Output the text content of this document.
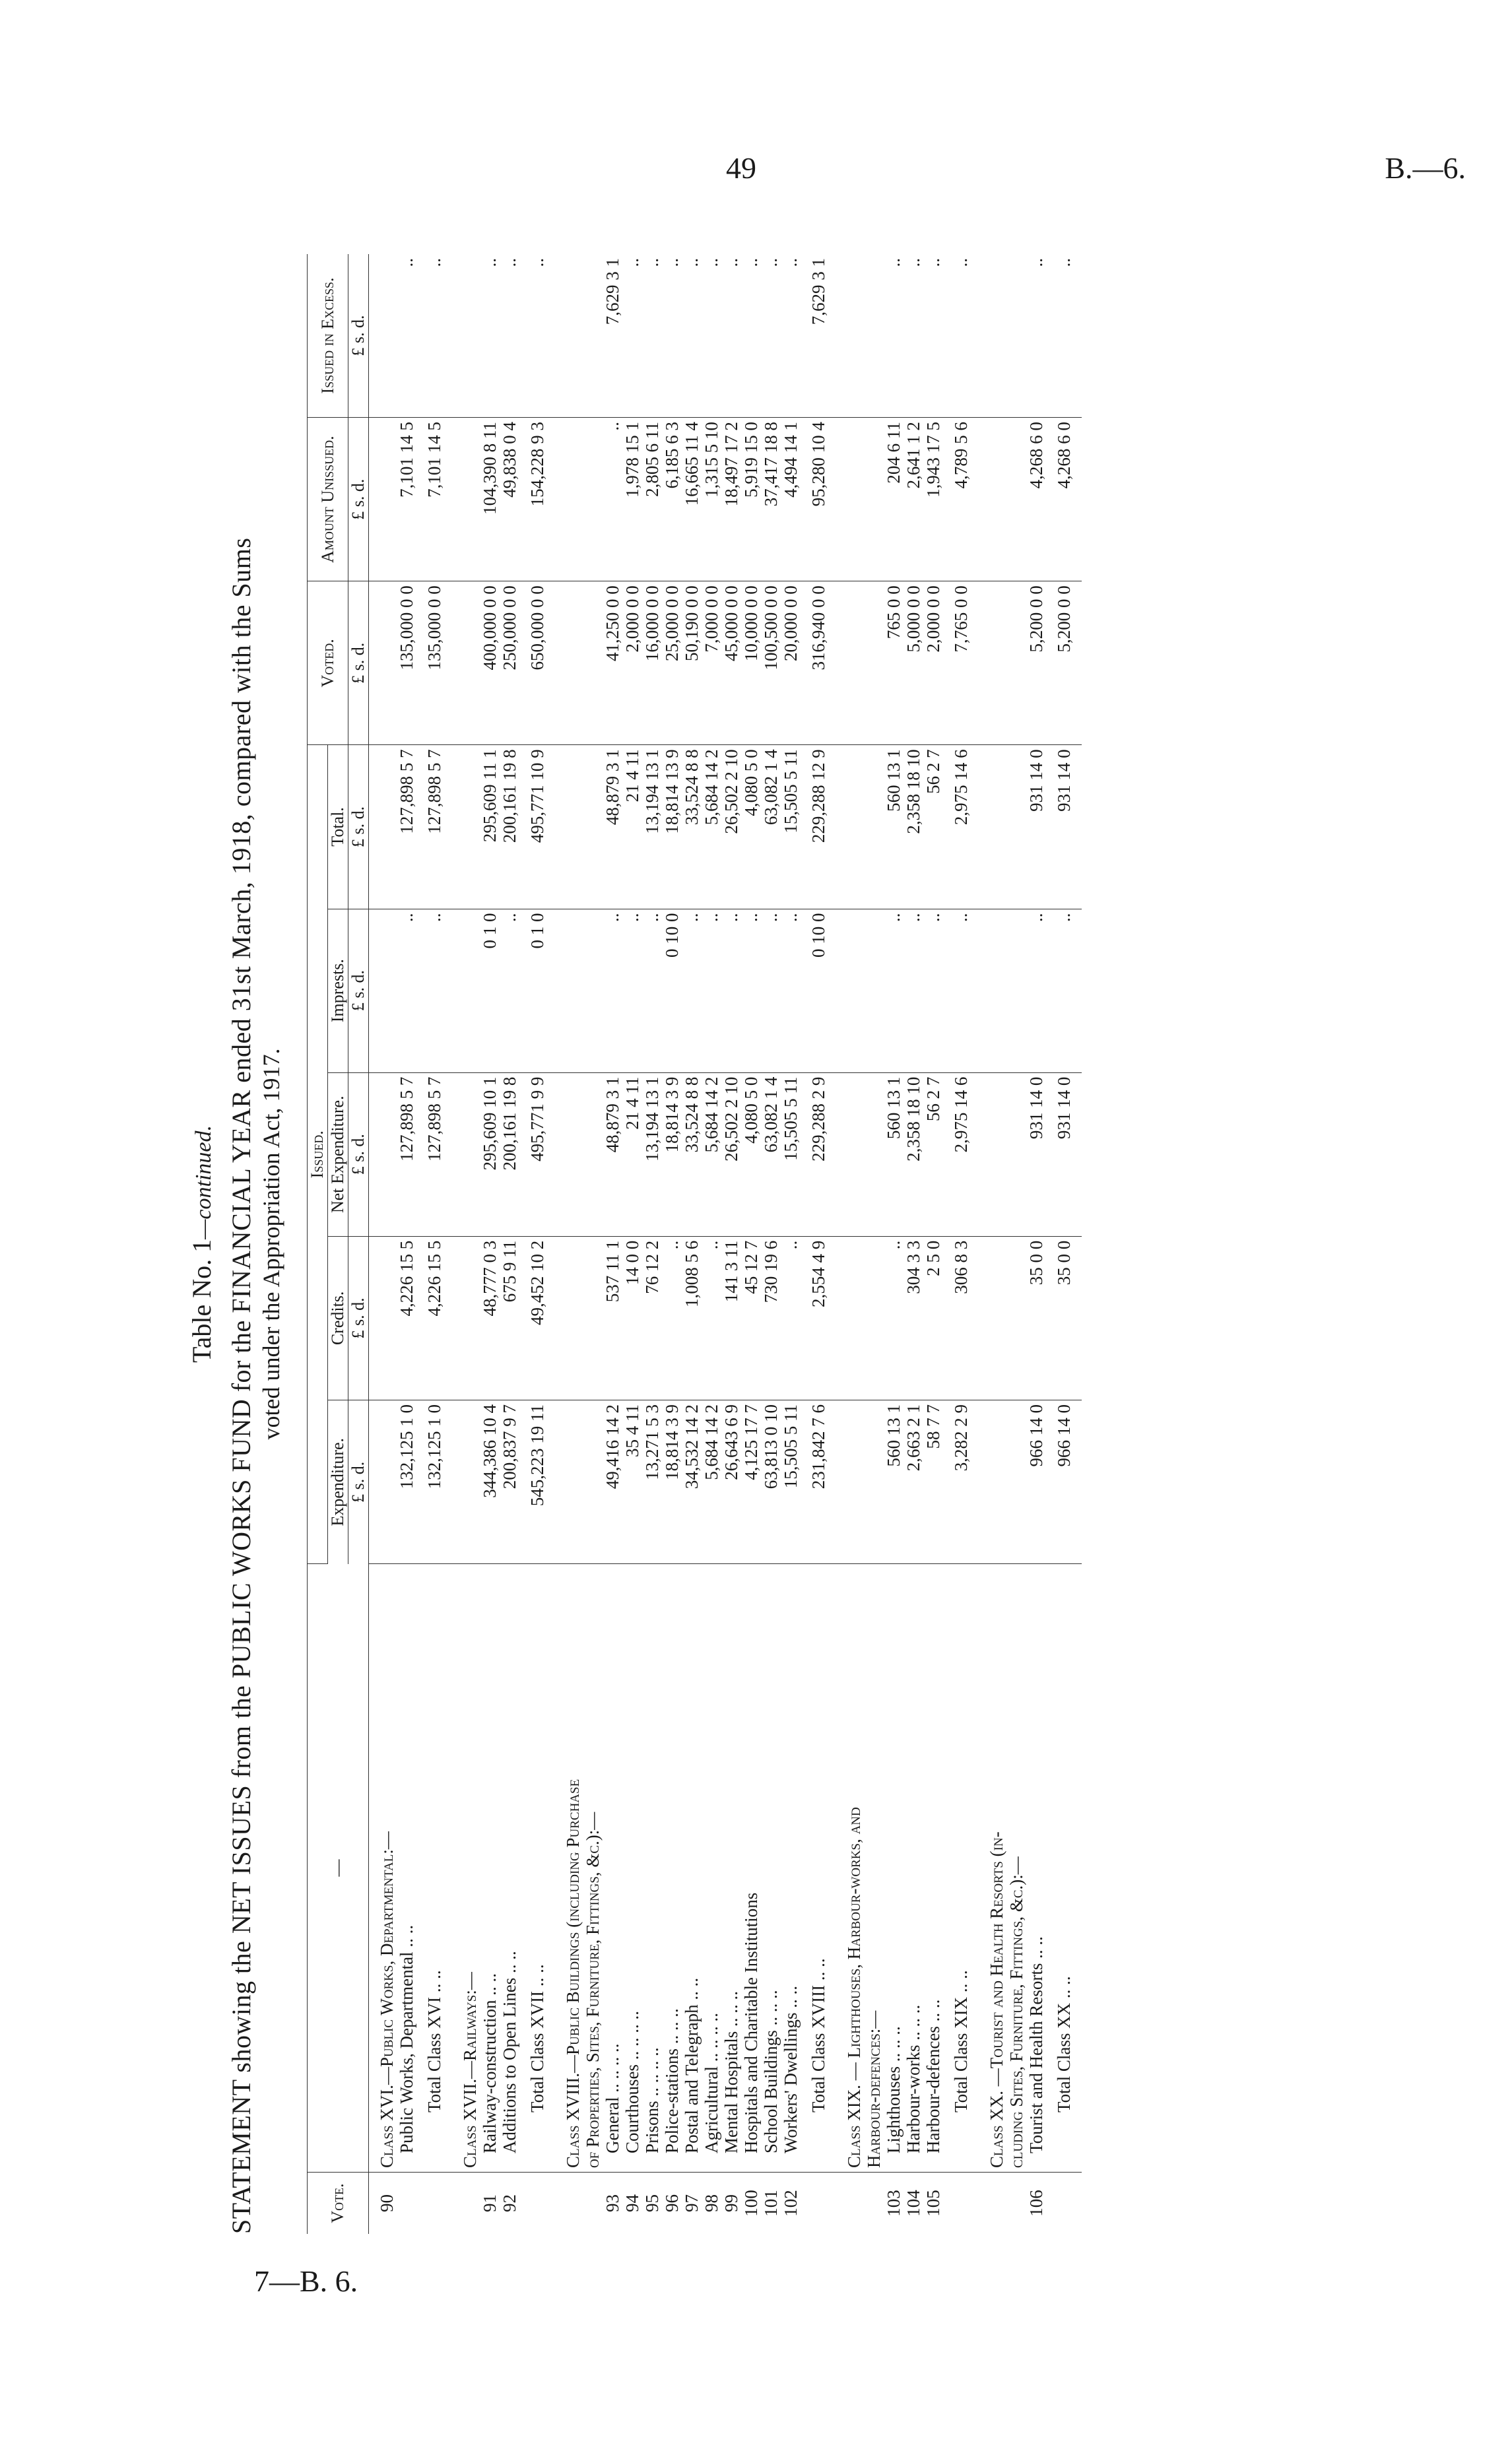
49	B.—6.
7—B. 6.
Table No. 1—continued. STATEMENT showing the NET ISSUES from the PUBLIC WORKS FUND for the FINANCIAL YEAR ended 31st March, 1918, compared with the Sums voted under the Appropriation Act, 1917.
Vote.	—	Issued.					Voted.	Amount Unissued.	Issued in Excess.
		Expenditure.	Credits.	Net Expenditure.	Imprests.	Total.			
		£ s. d.	£ s. d.	£ s. d.	£ s. d.	£ s. d.	£ s. d.	£ s. d.	£ s. d.
90	Class XVI.—Public Works, Departmental:—								
	Public Works, Departmental .. ..	132,125 1 0	4,226 15 5	127,898 5 7	..	127,898 5 7	135,000 0 0	7,101 14 5	..
	Total Class XVI .. ..	132,125 1 0	4,226 15 5	127,898 5 7	..	127,898 5 7	135,000 0 0	7,101 14 5	..
	Class XVII.—Railways:—								
91	Railway-construction .. ..	344,386 10 4	48,777 0 3	295,609 10 1	0 1 0	295,609 11 1	400,000 0 0	104,390 8 11	..
92	Additions to Open Lines .. ..	200,837 9 7	675 9 11	200,161 19 8	..	200,161 19 8	250,000 0 0	49,838 0 4	..
	Total Class XVII .. ..	545,223 19 11	49,452 10 2	495,771 9 9	0 1 0	495,771 10 9	650,000 0 0	154,228 9 3	..
	Class XVIII.—Public Buildings (including Purchase								
	of Properties, Sites, Furniture, Fittings, &c.):—								
93	General .. .. .. ..	49,416 14 2	537 11 1	48,879 3 1	..	48,879 3 1	41,250 0 0	..	7,629 3 1
94	Courthouses .. .. .. ..	35 4 11	14 0 0	21 4 11	..	21 4 11	2,000 0 0	1,978 15 1	..
95	Prisons .. .. .. ..	13,271 5 3	76 12 2	13,194 13 1	..	13,194 13 1	16,000 0 0	2,805 6 11	..
96	Police-stations .. .. ..	18,814 3 9	..	18,814 3 9	0 10 0	18,814 13 9	25,000 0 0	6,185 6 3	..
97	Postal and Telegraph .. ..	34,532 14 2	1,008 5 6	33,524 8 8	..	33,524 8 8	50,190 0 0	16,665 11 4	..
98	Agricultural .. .. .. ..	5,684 14 2	..	5,684 14 2	..	5,684 14 2	7,000 0 0	1,315 5 10	..
99	Mental Hospitals .. .. ..	26,643 6 9	141 3 11	26,502 2 10	..	26,502 2 10	45,000 0 0	18,497 17 2	..
100	Hospitals and Charitable Institutions	4,125 17 7	45 12 7	4,080 5 0	..	4,080 5 0	10,000 0 0	5,919 15 0	..
101	School Buildings .. .. ..	63,813 0 10	730 19 6	63,082 1 4	..	63,082 1 4	100,500 0 0	37,417 18 8	..
102	Workers' Dwellings .. ..	15,505 5 11	..	15,505 5 11	..	15,505 5 11	20,000 0 0	4,494 14 1	..
	Total Class XVIII .. ..	231,842 7 6	2,554 4 9	229,288 2 9	0 10 0	229,288 12 9	316,940 0 0	95,280 10 4	7,629 3 1
	Class XIX. — Lighthouses, Harbour-works, and								
	Harbour-defences:—								
103	Lighthouses .. .. ..	560 13 1	..	560 13 1	..	560 13 1	765 0 0	204 6 11	..
104	Harbour-works .. .. ..	2,663 2 1	304 3 3	2,358 18 10	..	2,358 18 10	5,000 0 0	2,641 1 2	..
105	Harbour-defences .. ..	58 7 7	2 5 0	56 2 7	..	56 2 7	2,000 0 0	1,943 17 5	..
	Total Class XIX .. ..	3,282 2 9	306 8 3	2,975 14 6	..	2,975 14 6	7,765 0 0	4,789 5 6	..
	Class XX. —Tourist and Health Resorts (in-								
	cluding Sites, Furniture, Fittings, &c.):—								
106	Tourist and Health Resorts .. ..	966 14 0	35 0 0	931 14 0	..	931 14 0	5,200 0 0	4,268 6 0	..
	Total Class XX .. ..	966 14 0	35 0 0	931 14 0	..	931 14 0	5,200 0 0	4,268 6 0	..
